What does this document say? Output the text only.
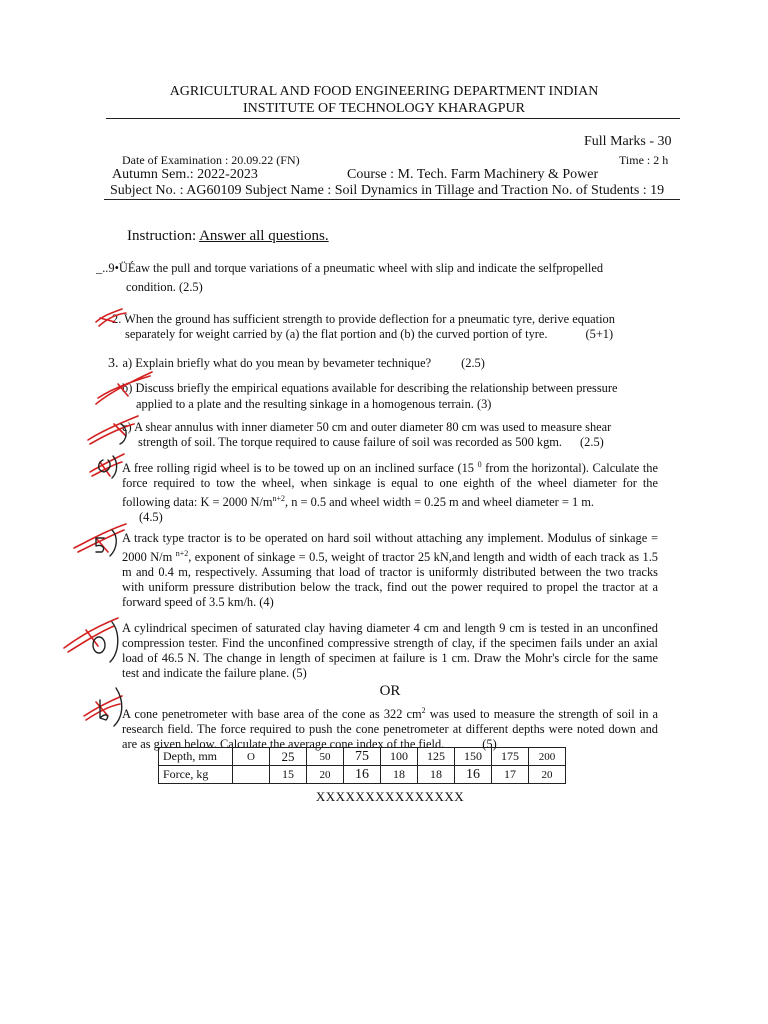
AGRICULTURAL AND FOOD ENGINEERING DEPARTMENT INDIAN
INSTITUTE OF TECHNOLOGY KHARAGPUR
Full Marks - 30
Date of Examination : 20.09.22 (FN)	Time : 2 h
Autumn Sem.: 2022-2023	Course : M. Tech. Farm Machinery & Power
Subject No. : AG60109 Subject Name : Soil Dynamics in Tillage and Traction No. of Students : 19
Instruction: Answer all questions.

_..9•ÜÉaw the pull and torque variations of a pneumatic wheel with slip and indicate the selfpropelled

condition. (2.5)

2. When the ground has sufficient strength to provide deflection for a pneumatic tyre, derive equation

separately for weight carried by (a) the flat portion and (b) the curved portion of tyre.	(5+1)

3. a) Explain briefly what do you mean by bevameter technique? (2.5)

b) Discuss briefly the empirical equations available for describing the relationship between pressure

applied to a plate and the resulting sinkage in a homogenous terrain. (3)

c) A shear annulus with inner diameter 50 cm and outer diameter 80 cm was used to measure shear

strength of soil. The torque required to cause failure of soil was recorded as 500 kgm. (2.5)

A free rolling rigid wheel is to be towed up on an inclined surface (15 $^0$ from the horizontal). Calculate the force required to tow the wheel, when sinkage is equal to one eighth of the wheel diameter for the following data: K = 2000 $N/m^{n+2}$, n = 0.5 and wheel width = 0.25 m and wheel diameter = 1 m.

(4.5)

A track type tractor is to be operated on hard soil without attaching any implement. Modulus of sinkage = 2000 N/m $^{n+2}$, exponent of sinkage = 0.5, weight of tractor 25 kN,and length and width of each track as 1.5 m and 0.4 m, respectively. Assuming that load of tractor is uniformly distributed between the two tracks with uniform pressure distribution below the track, find out the power required to propel the tractor at a forward speed of 3.5 km/h. (4)

A cylindrical specimen of saturated clay having diameter 4 cm and length 9 cm is tested in an unconfined compression tester. Find the unconfined compressive strength of clay, if the specimen fails under an axial load of 46.5 N. The change in length of specimen at failure is 1 cm. Draw the Mohr's circle for the same test and indicate the failure plane. (5)

OR

A cone penetrometer with base area of the cone as 322 $cm^2$ was used to measure the strength of soil in a research field. The force required to push the cone penetrometer at different depths were noted down and are as given below. Calculate the average cone index of the field.	(5)

Depth, mm	O	25	50	75	100	125	150	175	200
Force, kg		15	20	16	18	18	16	17	20
XXXXXXXXXXXXXXX
